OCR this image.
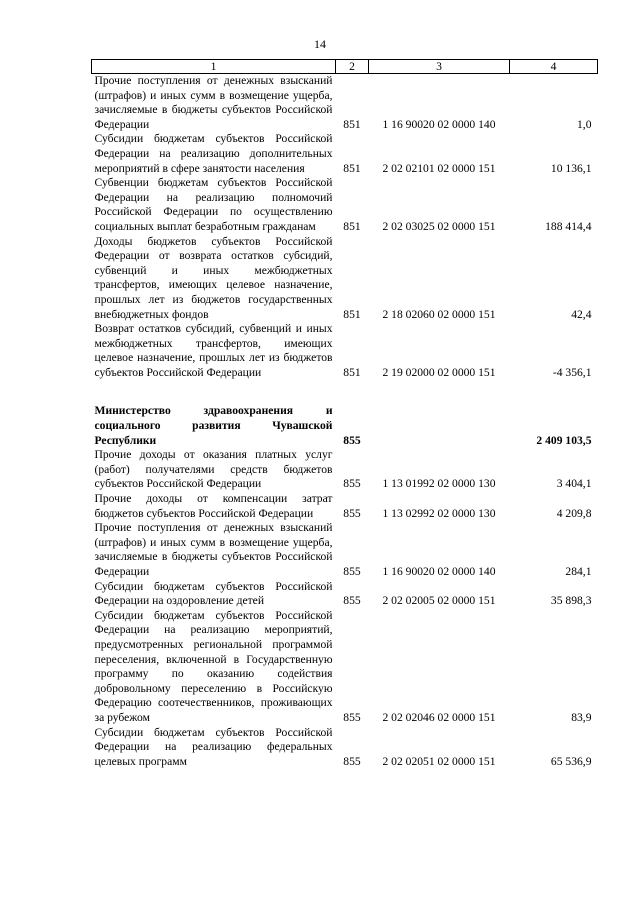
14
1	2	3	4
Прочие поступления от денежных взысканий (штрафов) и иных сумм в возмещение ущерба, зачисляемые в бюджеты субъектов Российской Федерации	851	1 16 90020 02 0000 140	1,0
Субсидии бюджетам субъектов Российской Федерации на реализацию дополнительных мероприятий в сфере занятости населения	851	2 02 02101 02 0000 151	10 136,1
Субвенции бюджетам субъектов Российской Федерации на реализацию полномочий Российской Федерации по осуществлению социальных выплат безработным гражданам	851	2 02 03025 02 0000 151	188 414,4
Доходы бюджетов субъектов Российской Федерации от возврата остатков субсидий, субвенций и иных межбюджетных трансфертов, имеющих целевое назначение, прошлых лет из бюджетов государственных внебюджетных фондов	851	2 18 02060 02 0000 151	42,4
Возврат остатков субсидий, субвенций и иных межбюджетных трансфертов, имеющих целевое назначение, прошлых лет из бюджетов субъектов Российской Федерации	851	2 19 02000 02 0000 151	-4 356,1

Министерство здравоохранения и социального развития Чувашской Республики	855		2 409 103,5
Прочие доходы от оказания платных услуг (работ) получателями средств бюджетов субъектов Российской Федерации	855	1 13 01992 02 0000 130	3 404,1
Прочие доходы от компенсации затрат бюджетов субъектов Российской Федерации	855	1 13 02992 02 0000 130	4 209,8
Прочие поступления от денежных взысканий (штрафов) и иных сумм в возмещение ущерба, зачисляемые в бюджеты субъектов Российской Федерации	855	1 16 90020 02 0000 140	284,1
Субсидии бюджетам субъектов Российской Федерации на оздоровление детей	855	2 02 02005 02 0000 151	35 898,3
Субсидии бюджетам субъектов Российской Федерации на реализацию мероприятий, предусмотренных региональной программой переселения, включенной в Государственную программу по оказанию содействия добровольному переселению в Российскую Федерацию соотечественников, проживающих за рубежом	855	2 02 02046 02 0000 151	83,9
Субсидии бюджетам субъектов Российской Федерации на реализацию федеральных целевых программ	855	2 02 02051 02 0000 151	65 536,9
